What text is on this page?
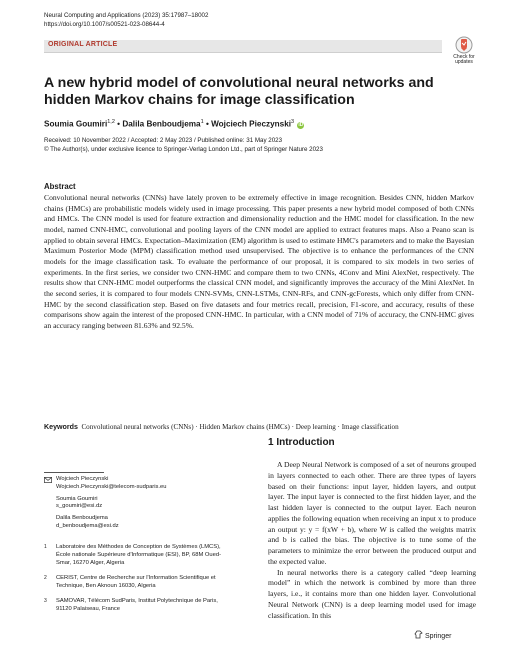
Neural Computing and Applications (2023) 35:17987–18002
https://doi.org/10.1007/s00521-023-08644-4
ORIGINAL ARTICLE
Check for updates
A new hybrid model of convolutional neural networks and hidden Markov chains for image classification
Soumia Goumiri$^{1,2}$ • Dalila Benboudjema$^1$ • Wojciech Pieczynski$^3$ iD
Received: 10 November 2022 / Accepted: 2 May 2023 / Published online: 31 May 2023
© The Author(s), under exclusive licence to Springer-Verlag London Ltd., part of Springer Nature 2023
Abstract
Convolutional neural networks (CNNs) have lately proven to be extremely effective in image recognition. Besides CNN, hidden Markov chains (HMCs) are probabilistic models widely used in image processing. This paper presents a new hybrid model composed of both CNNs and HMCs. The CNN model is used for feature extraction and dimensionality reduction and the HMC model for classification. In the new model, named CNN-HMC, convolutional and pooling layers of the CNN model are applied to extract features maps. Also a Peano scan is applied to obtain several HMCs. Expectation–Maximization (EM) algorithm is used to estimate HMC's parameters and to make the Bayesian Maximum Posterior Mode (MPM) classification method used unsupervised. The objective is to enhance the performances of the CNN models for the image classification task. To evaluate the performance of our proposal, it is compared to six models in two series of experiments. In the first series, we consider two CNN-HMC and compare them to two CNNs, 4Conv and Mini AlexNet, respectively. The results show that CNN-HMC model outperforms the classical CNN model, and significantly improves the accuracy of the Mini AlexNet. In the second series, it is compared to four models CNN-SVMs, CNN-LSTMs, CNN-RFs, and CNN-gcForests, which only differ from CNN-HMC by the second classification step. Based on five datasets and four metrics recall, precision, F1-score, and accuracy, results of these comparisons show again the interest of the proposed CNN-HMC. In particular, with a CNN model of 71% of accuracy, the CNN-HMC gives an accuracy ranging between 81.63% and 92.5%.
Keywords Convolutional neural networks (CNNs) · Hidden Markov chains (HMCs) · Deep learning · Image classification
Wojciech Pieczynski
Wojciech.Pieczynski@telecom-sudparis.eu
Soumia Goumiri
s_goumiri@esi.dz
Dalila Benboudjema
d_benboudjema@esi.dz
1	Laboratoire des Méthodes de Conception de Systèmes (LMCS), École nationale Supérieure d'Informatique (ESI), BP, 68M Oued-Smar, 16270 Alger, Algeria
2	CERIST, Centre de Recherche sur l'Information Scientifique et Technique, Ben Aknoun 16030, Algeria
3	SAMOVAR, Télécom SudParis, Institut Polytechnique de Paris, 91120 Palaiseau, France
1 Introduction

A Deep Neural Network is composed of a set of neurons grouped in layers connected to each other. There are three types of layers based on their functions: input layer, hidden layers, and output layer. The input layer is connected to the first hidden layer, and the last hidden layer is connected to the output layer. Each neuron applies the following equation when receiving an input x to produce an output y: y = f(xW + b), where W is called the weights matrix and b is called the bias. The objective is to tune some of the parameters to minimize the error between the produced output and the expected value.

In neural networks there is a category called “deep learning model” in which the network is combined by more than three layers, i.e., it contains more than one hidden layer. Convolutional Neural Network (CNN) is a deep learning model used for image classification. In this

Springer
